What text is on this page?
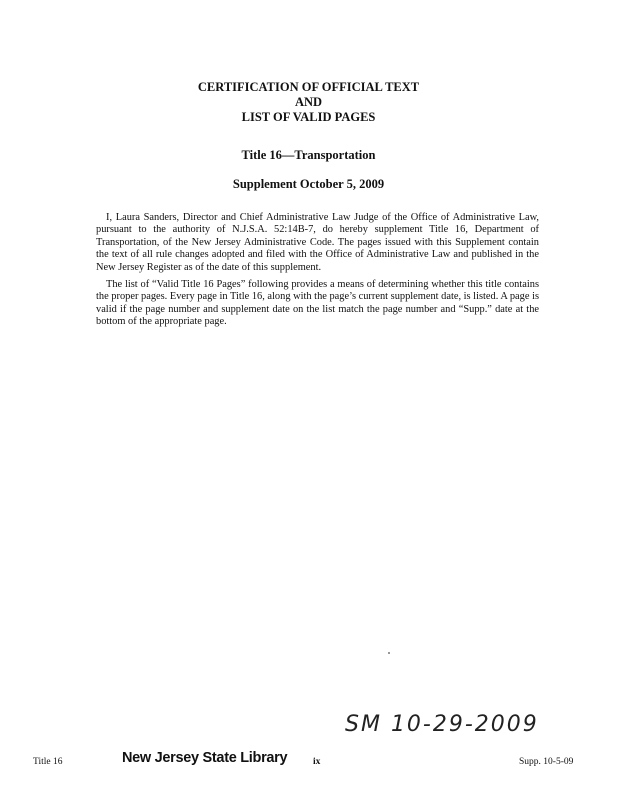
CERTIFICATION OF OFFICIAL TEXT
AND
LIST OF VALID PAGES
Title 16—Transportation
Supplement October 5, 2009

I, Laura Sanders, Director and Chief Administrative Law Judge of the Office of Administrative Law, pursuant to the authority of N.J.S.A. 52:14B-7, do hereby supplement Title 16, Department of Transportation, of the New Jersey Administrative Code. The pages issued with this Supplement contain the text of all rule changes adopted and filed with the Office of Administrative Law and published in the New Jersey Register as of the date of this supplement.

The list of “Valid Title 16 Pages” following provides a means of determining whether this title contains the proper pages. Every page in Title 16, along with the page’s current supplement date, is listed. A page is valid if the page number and supplement date on the list match the page number and “Supp.” date at the bottom of the appropriate page.

SM 10-29-2009
Title 16	New Jersey State Library	ix	Supp. 10-5-09
